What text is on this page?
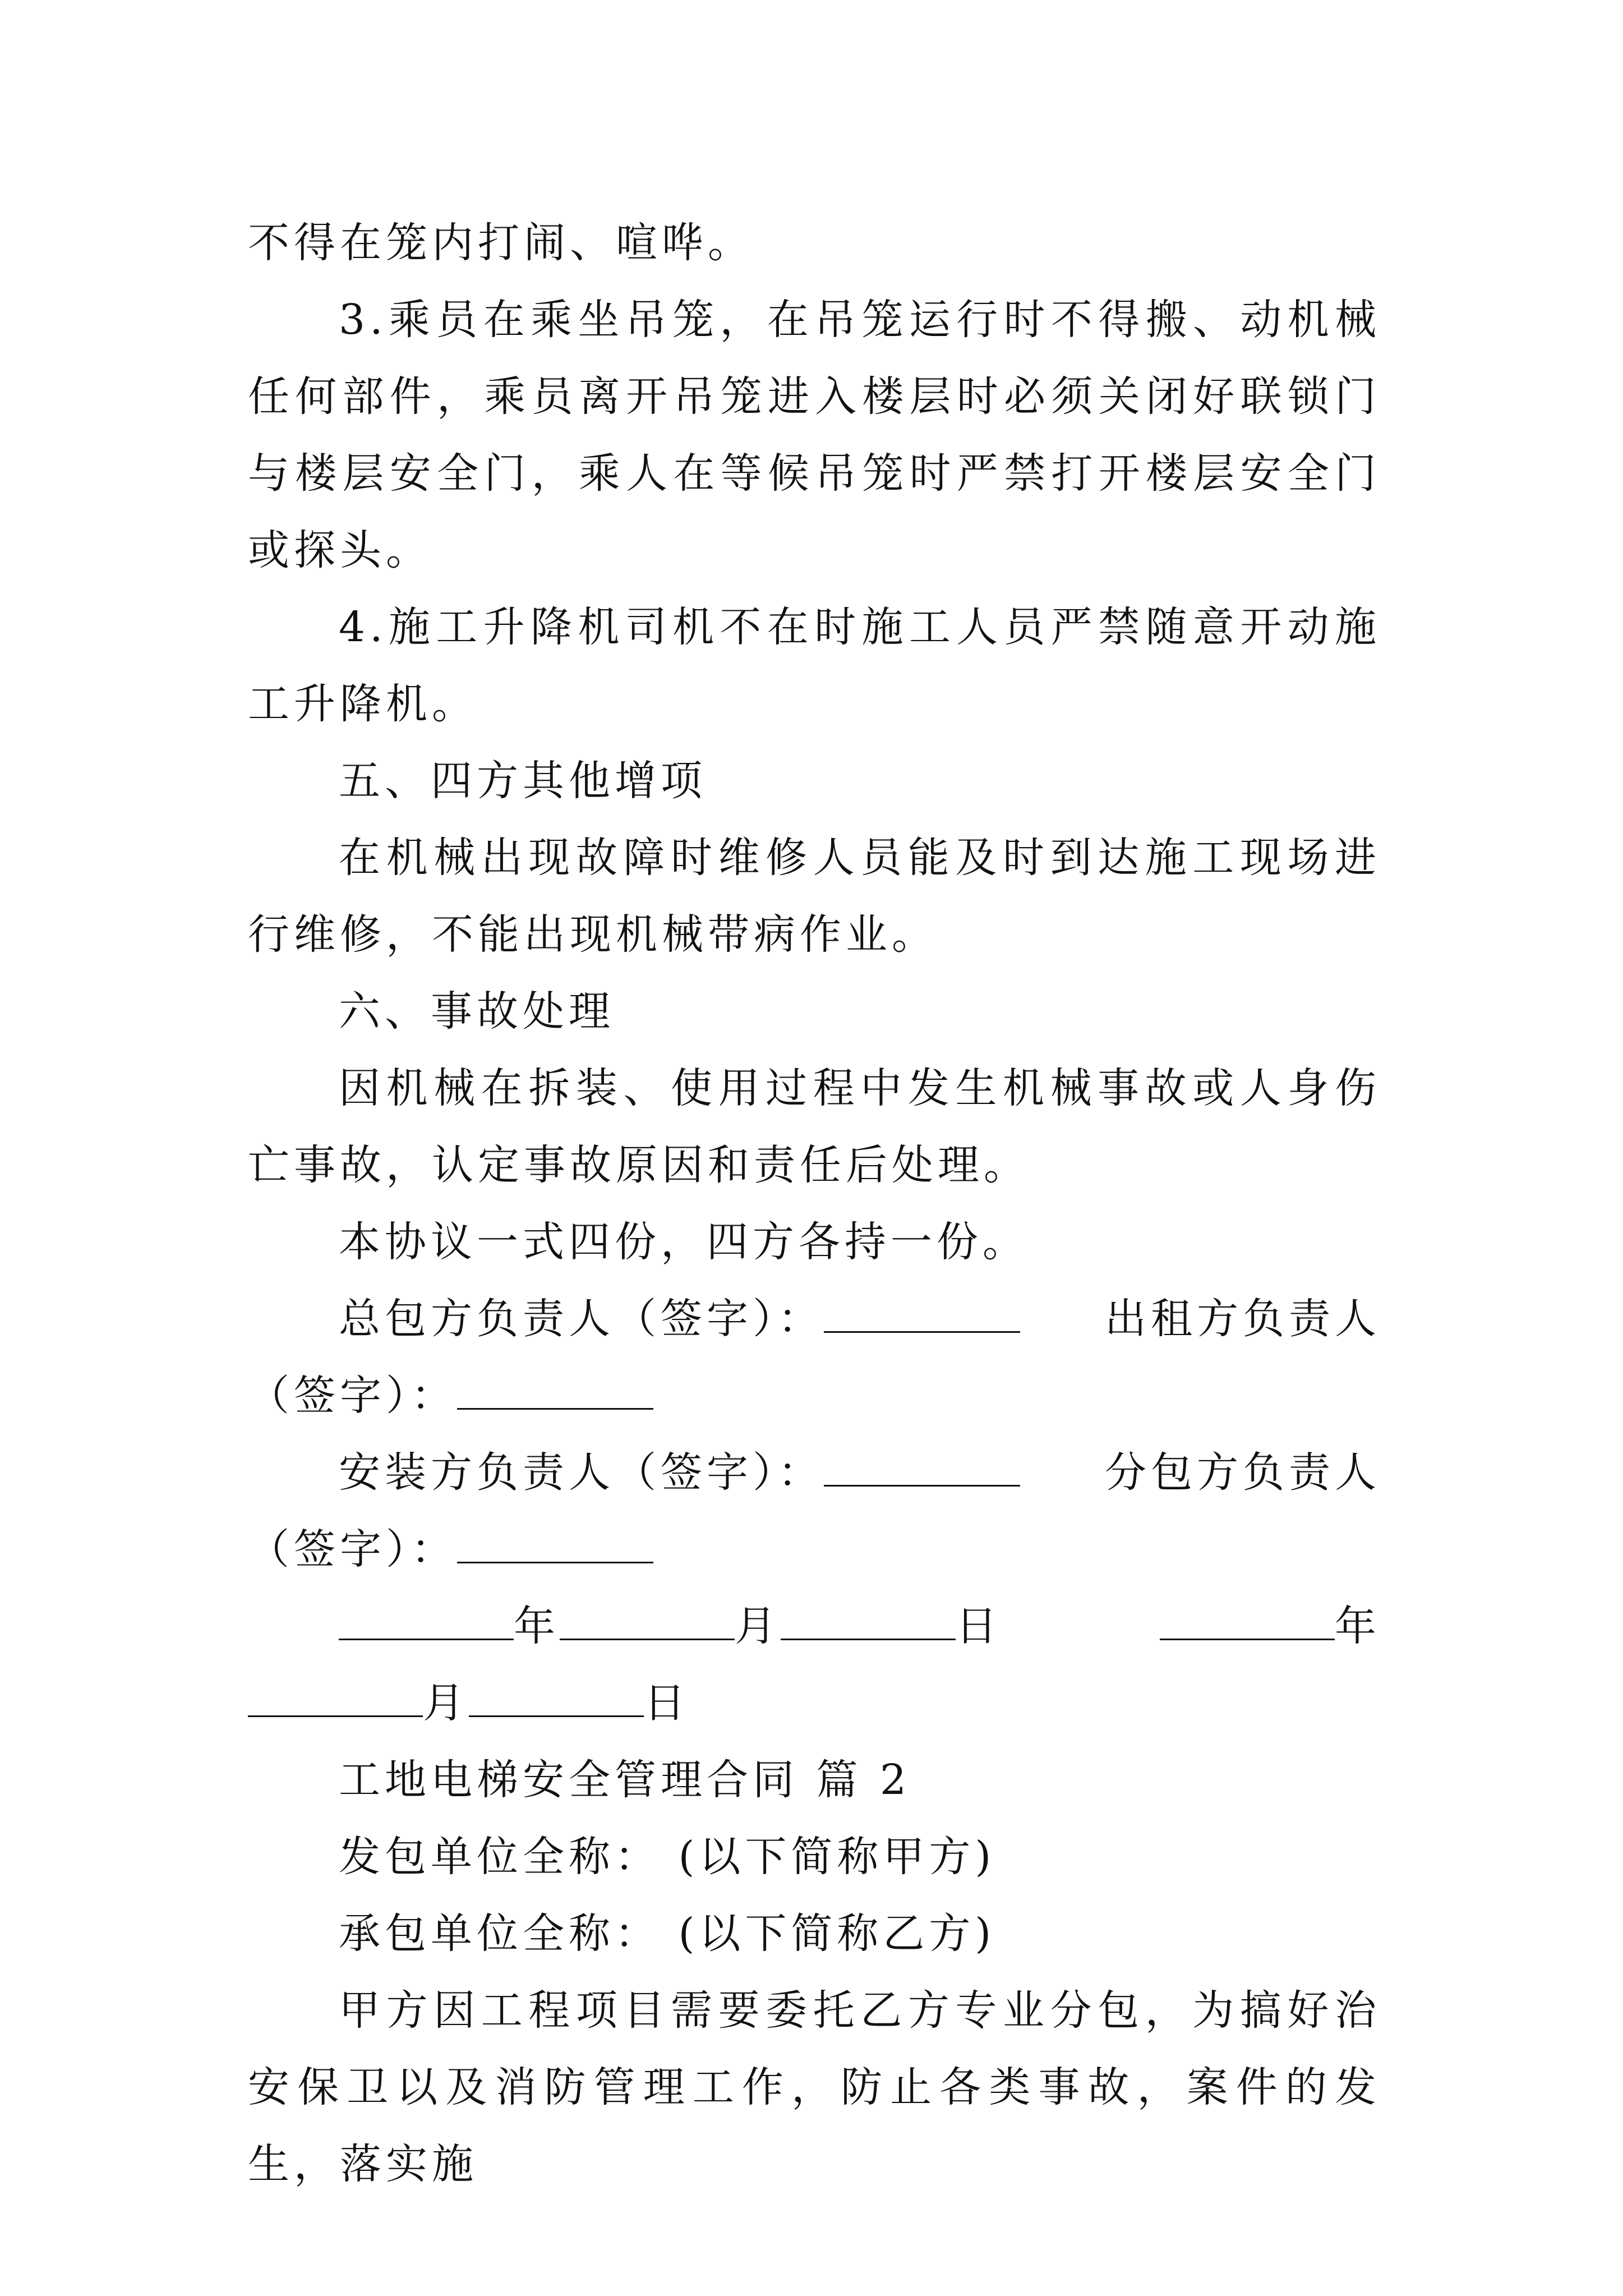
不得在笼内打闹、喧哗。

3.乘员在乘坐吊笼，在吊笼运行时不得搬、动机械任何部件，乘员离开吊笼进入楼层时必须关闭好联锁门与楼层安全门，乘人在等候吊笼时严禁打开楼层安全门或探头。

4.施工升降机司机不在时施工人员严禁随意开动施工升降机。

五、四方其他增项

在机械出现故障时维修人员能及时到达施工现场进行维修，不能出现机械带病作业。

六、事故处理

因机械在拆装、使用过程中发生机械事故或人身伤亡事故，认定事故原因和责任后处理。

本协议一式四份，四方各持一份。

总包方负责人（签字）：	出租方负责人

（签字）：

安装方负责人（签字）：	分包方负责人

（签字）：

年	月	日	年

月	日

工地电梯安全管理合同 篇 2

发包单位全称： (以下简称甲方)

承包单位全称： (以下简称乙方)

甲方因工程项目需要委托乙方专业分包，为搞好治安保卫以及消防管理工作，防止各类事故，案件的发生，落实施
